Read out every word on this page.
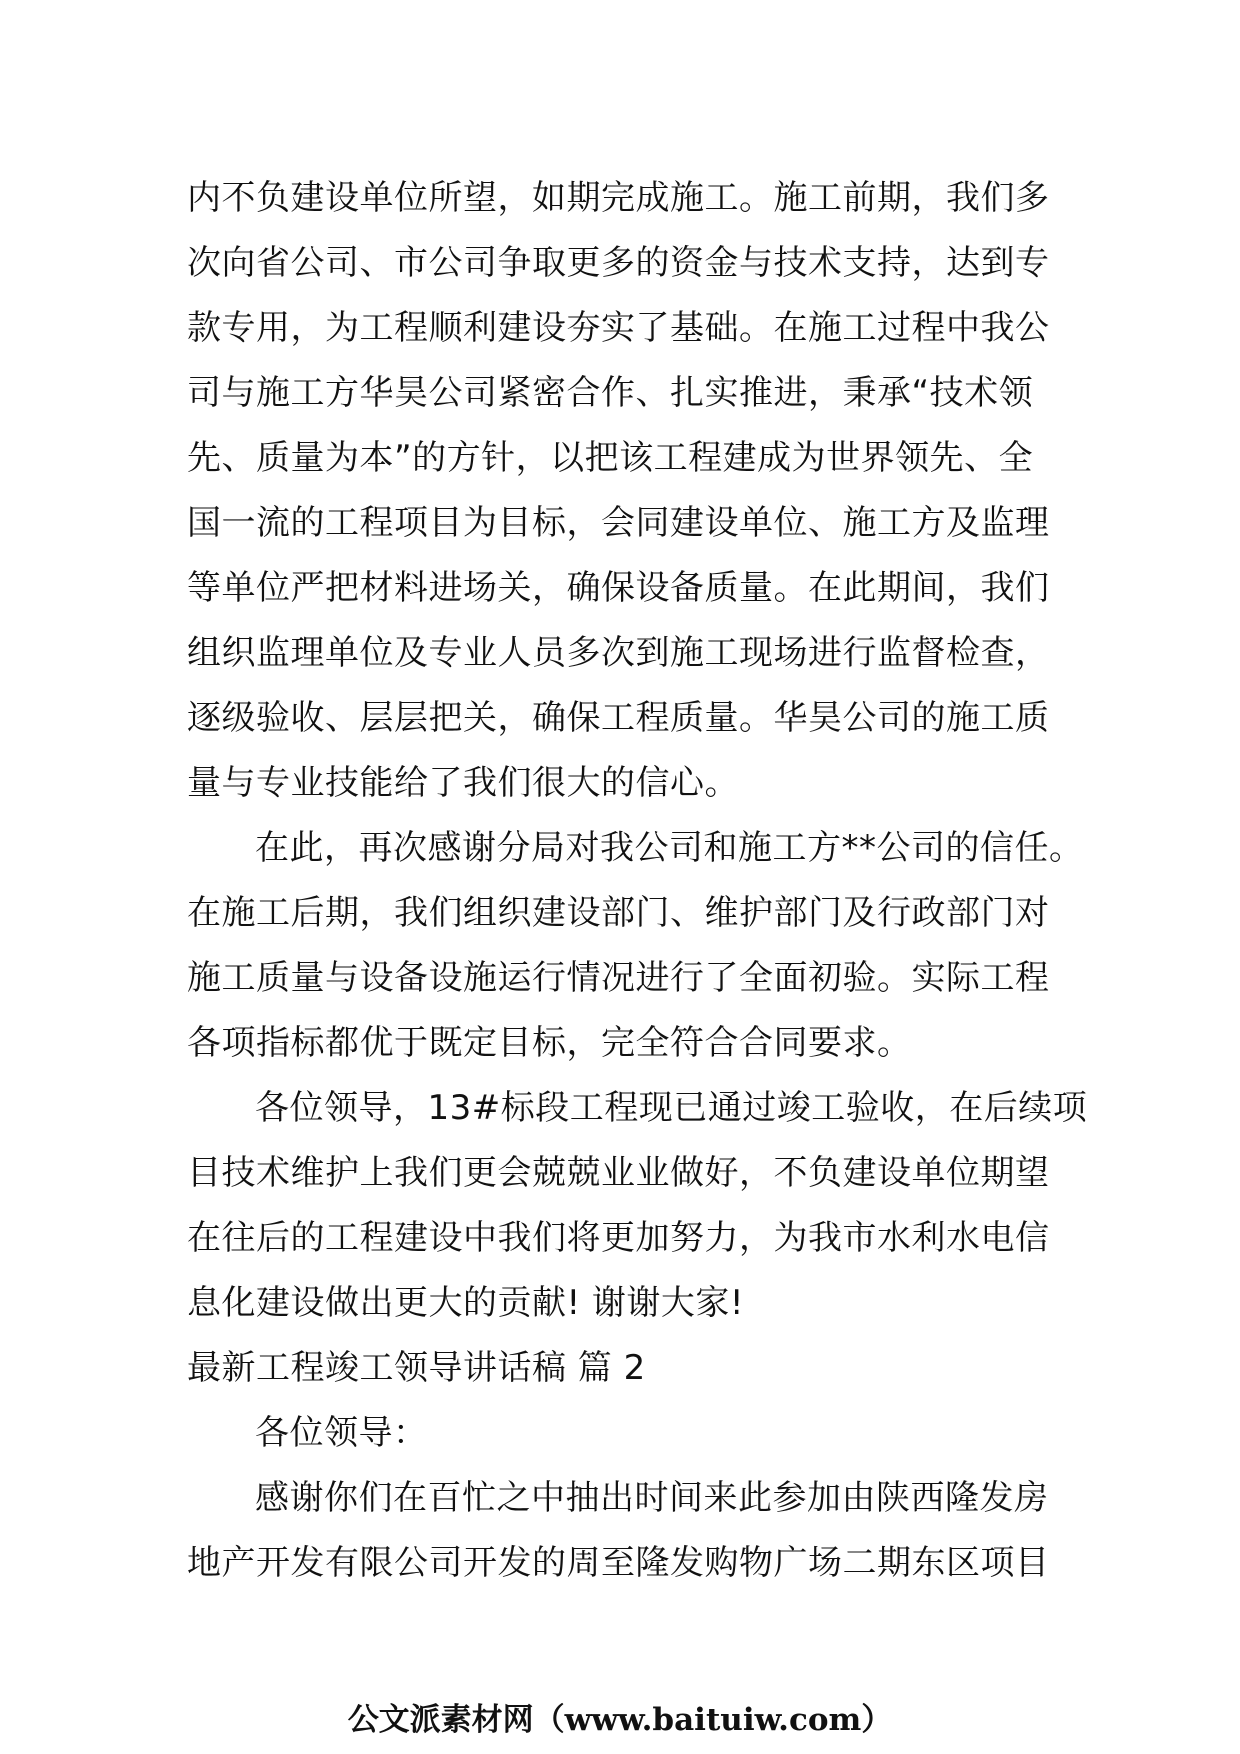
内不负建设单位所望，如期完成施工。施工前期，我们多
次向省公司、市公司争取更多的资金与技术支持，达到专
款专用，为工程顺利建设夯实了基础。在施工过程中我公
司与施工方华昊公司紧密合作、扎实推进，秉承“技术领
先、质量为本”的方针，以把该工程建成为世界领先、全
国一流的工程项目为目标，会同建设单位、施工方及监理
等单位严把材料进场关，确保设备质量。在此期间，我们
组织监理单位及专业人员多次到施工现场进行监督检查，
逐级验收、层层把关，确保工程质量。华昊公司的施工质
量与专业技能给了我们很大的信心。
在此，再次感谢分局对我公司和施工方**公司的信任。
在施工后期，我们组织建设部门、维护部门及行政部门对
施工质量与设备设施运行情况进行了全面初验。实际工程
各项指标都优于既定目标，完全符合合同要求。
各位领导，13#标段工程现已通过竣工验收，在后续项
目技术维护上我们更会兢兢业业做好，不负建设单位期望
在往后的工程建设中我们将更加努力，为我市水利水电信
息化建设做出更大的贡献! 谢谢大家!
最新工程竣工领导讲话稿 篇 2
各位领导：
感谢你们在百忙之中抽出时间来此参加由陕西隆发房
地产开发有限公司开发的周至隆发购物广场二期东区项目
公文派素材网（www.baituiw.com）
